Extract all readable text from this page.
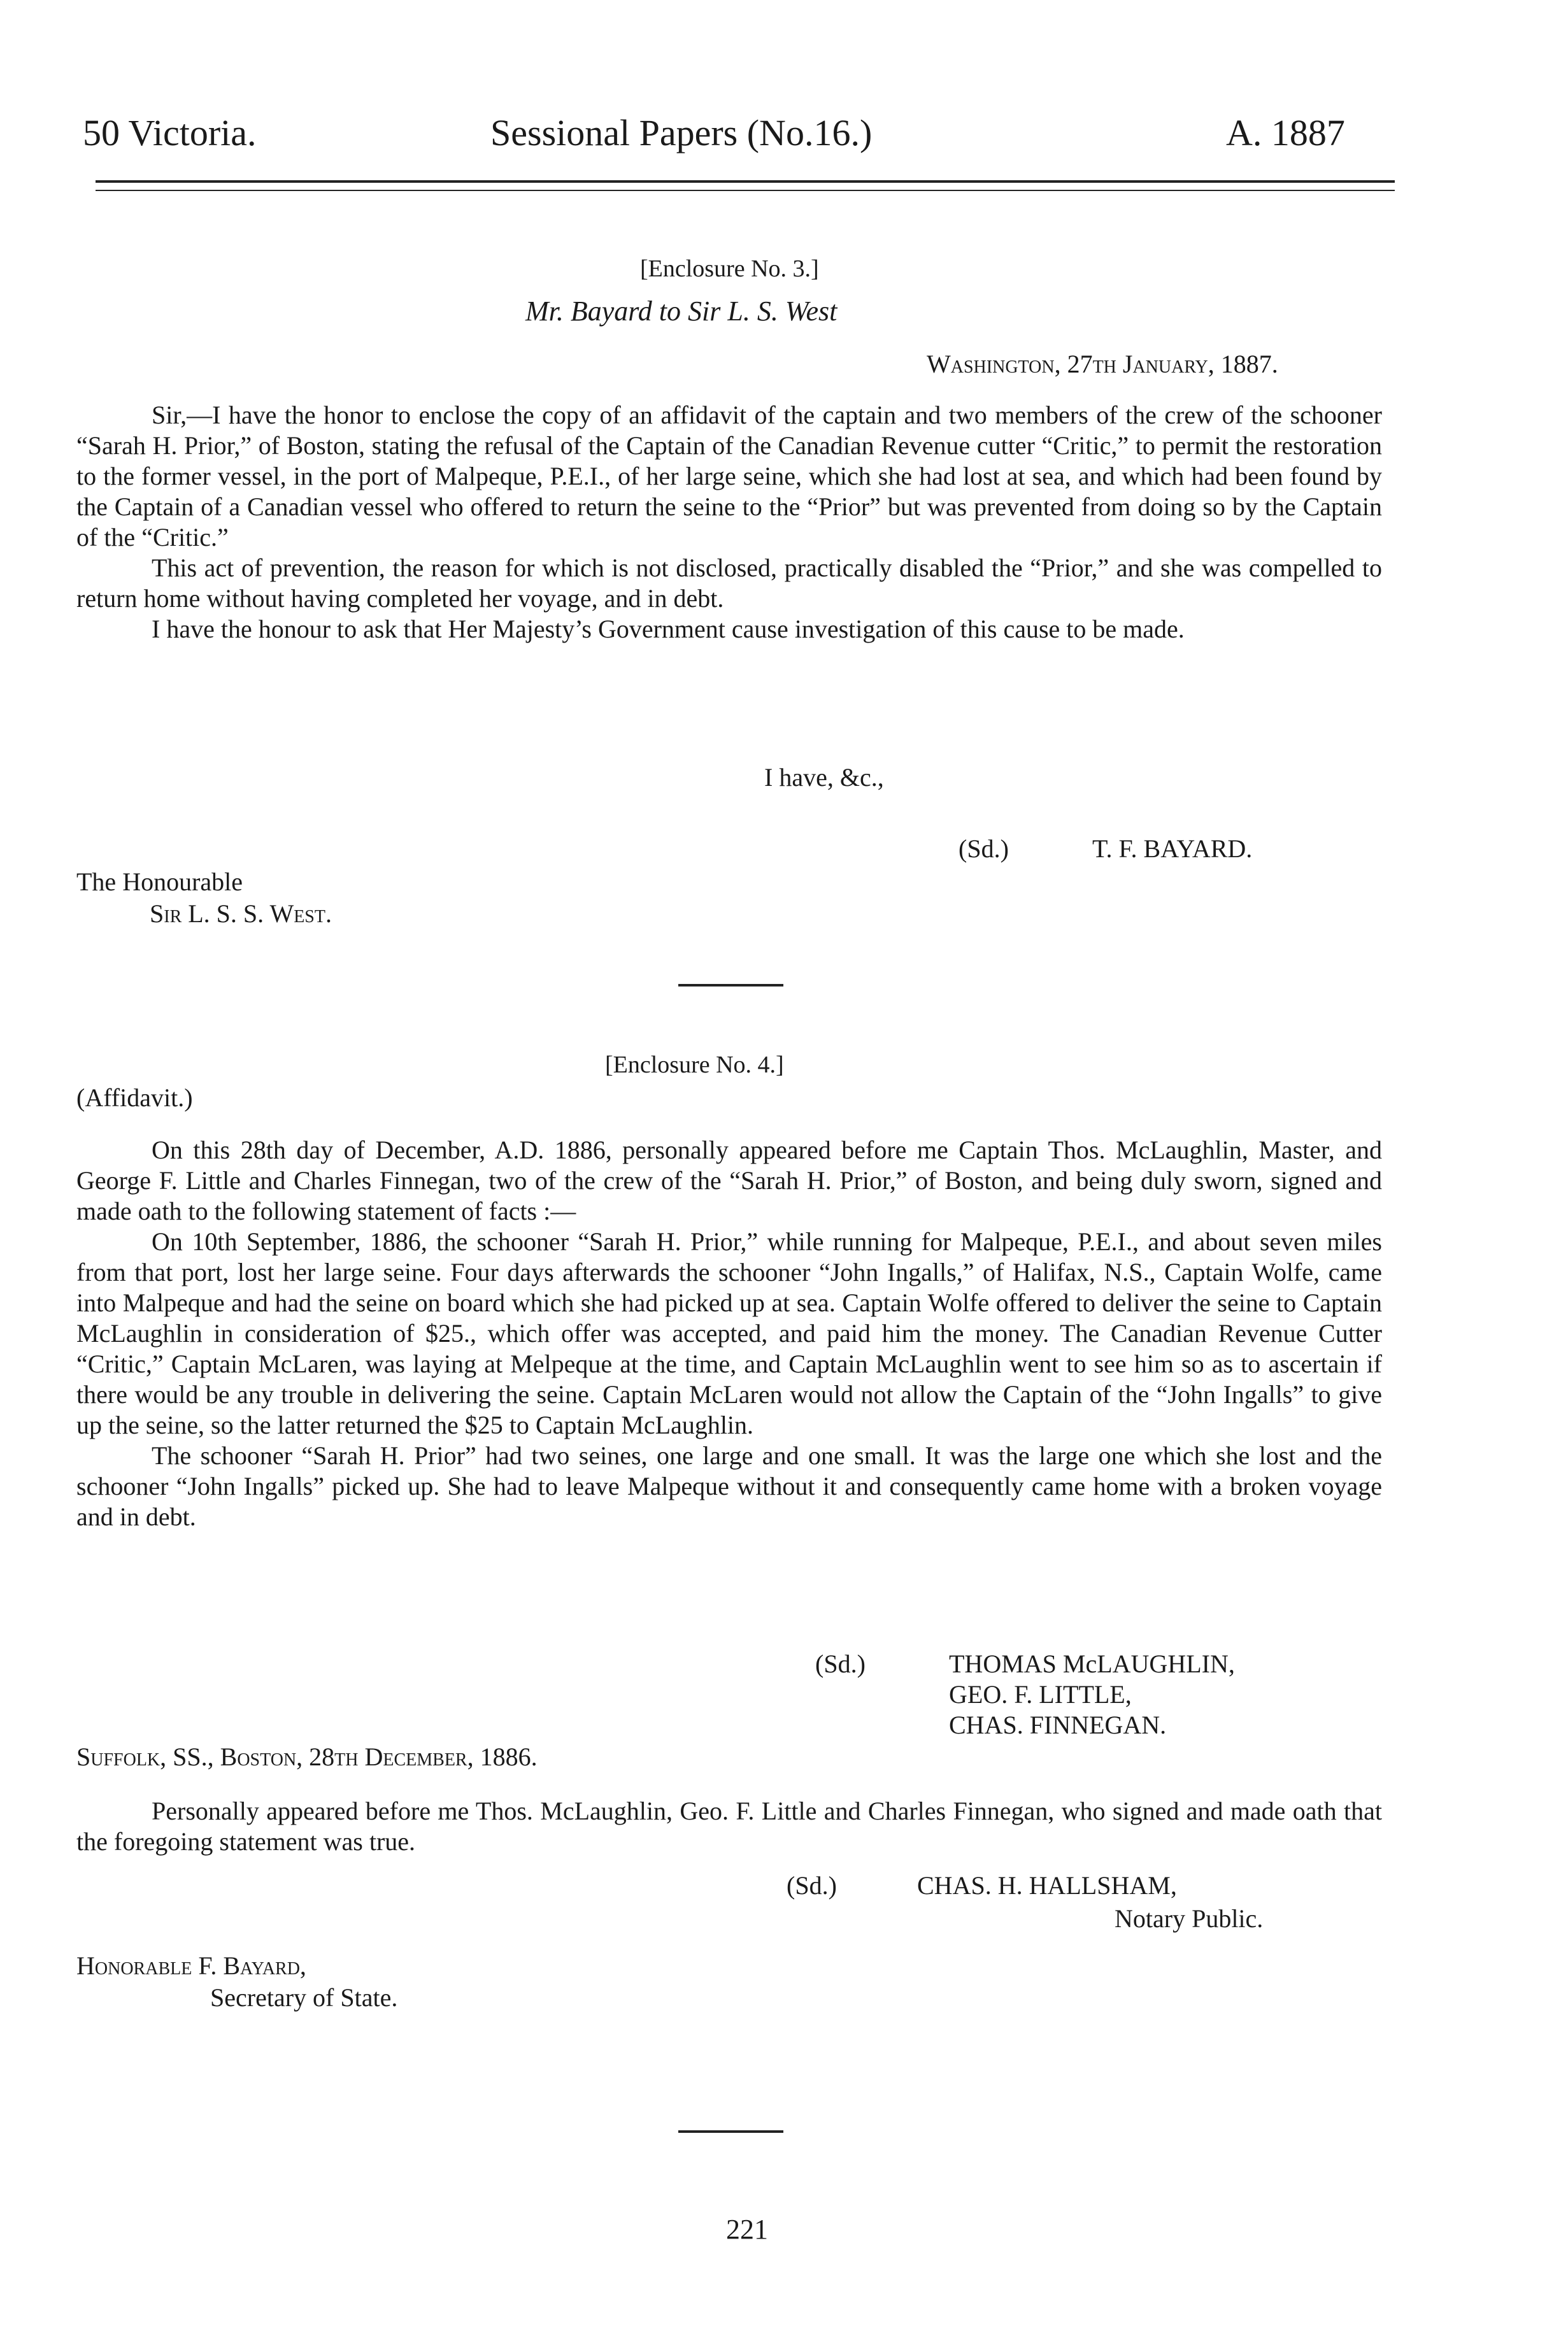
50 Victoria.	Sessional Papers (No.16.)	A. 1887
[Enclosure No. 3.]
Mr. Bayard to Sir L. S. West
Washington, 27th January, 1887.

Sir,—I have the honor to enclose the copy of an affidavit of the captain and two members of the crew of the schooner “Sarah H. Prior,” of Boston, stating the refusal of the Captain of the Canadian Revenue cutter “Critic,” to permit the restoration to the former vessel, in the port of Malpeque, P.E.I., of her large seine, which she had lost at sea, and which had been found by the Captain of a Canadian vessel who offered to return the seine to the “Prior” but was prevented from doing so by the Captain of the “Critic.”

This act of prevention, the reason for which is not disclosed, practically disabled the “Prior,” and she was compelled to return home without having completed her voyage, and in debt.

I have the honour to ask that Her Majesty’s Government cause investigation of this cause to be made.

I have, &c.,
(Sd.)	T. F. BAYARD.
The Honourable
Sir L. S. S. West.
[Enclosure No. 4.]
(Affidavit.)

On this 28th day of December, A.D. 1886, personally appeared before me Captain Thos. McLaughlin, Master, and George F. Little and Charles Finnegan, two of the crew of the “Sarah H. Prior,” of Boston, and being duly sworn, signed and made oath to the following statement of facts :—

On 10th September, 1886, the schooner “Sarah H. Prior,” while running for Malpeque, P.E.I., and about seven miles from that port, lost her large seine. Four days afterwards the schooner “John Ingalls,” of Halifax, N.S., Captain Wolfe, came into Malpeque and had the seine on board which she had picked up at sea. Captain Wolfe offered to deliver the seine to Captain McLaughlin in consideration of $25., which offer was accepted, and paid him the money. The Canadian Revenue Cutter “Critic,” Captain McLaren, was laying at Melpeque at the time, and Captain McLaughlin went to see him so as to ascertain if there would be any trouble in delivering the seine. Captain McLaren would not allow the Captain of the “John Ingalls” to give up the seine, so the latter returned the $25 to Captain McLaughlin.

The schooner “Sarah H. Prior” had two seines, one large and one small. It was the large one which she lost and the schooner “John Ingalls” picked up. She had to leave Malpeque without it and consequently came home with a broken voyage and in debt.

(Sd.)	THOMAS McLAUGHLIN,
GEO. F. LITTLE,
CHAS. FINNEGAN.
Suffolk, SS., Boston, 28th December, 1886.

Personally appeared before me Thos. McLaughlin, Geo. F. Little and Charles Finnegan, who signed and made oath that the foregoing statement was true.

(Sd.)	CHAS. H. HALLSHAM,
Notary Public.
Honorable F. Bayard,
Secretary of State.
221
